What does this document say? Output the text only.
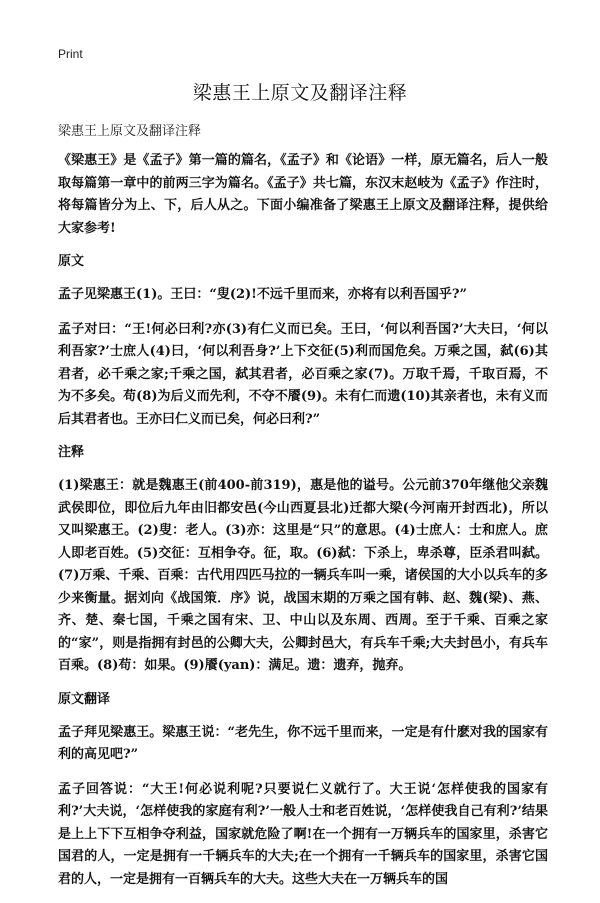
Print
梁惠王上原文及翻译注释
梁惠王上原文及翻译注释

《梁惠王》是《孟子》第一篇的篇名，《孟子》和《论语》一样，原无篇名，后人一般取每篇第一章中的前两三字为篇名。《孟子》共七篇，东汉末赵岐为《孟子》作注时，将每篇皆分为上、下，后人从之。下面小编准备了梁惠王上原文及翻译注释，提供给大家参考!

原文

孟子见梁惠王(1)。王曰：“叟(2)!不远千里而来，亦将有以利吾国乎?”

孟子对曰：“王!何必曰利?亦(3)有仁义而已矣。王曰，‘何以利吾国?’大夫曰，‘何以利吾家?’士庶人(4)曰，‘何以利吾身?’上下交征(5)利而国危矣。万乘之国，弑(6)其君者，必千乘之家;千乘之国，弑其君者，必百乘之家(7)。万取千焉，千取百焉，不为不多矣。苟(8)为后义而先利，不夺不餍(9)。未有仁而遗(10)其亲者也，未有义而后其君者也。王亦曰仁义而已矣，何必曰利?”

注释

(1)梁惠王：就是魏惠王(前400-前319)，惠是他的谥号。公元前370年继他父亲魏武侯即位，即位后九年由旧都安邑(今山西夏县北)迁都大梁(今河南开封西北)，所以又叫梁惠王。(2)叟：老人。(3)亦：这里是“只”的意思。(4)士庶人：士和庶人。庶人即老百姓。(5)交征：互相争夺。征，取。(6)弑：下杀上，卑杀尊，臣杀君叫弑。(7)万乘、千乘、百乘：古代用四匹马拉的一辆兵车叫一乘，诸侯国的大小以兵车的多少来衡量。据刘向《战国策．序》说，战国末期的万乘之国有韩、赵、魏(梁)、燕、齐、楚、秦七国，千乘之国有宋、卫、中山以及东周、西周。至于千乘、百乘之家的“家”，则是指拥有封邑的公卿大夫，公卿封邑大，有兵车千乘;大夫封邑小，有兵车百乘。(8)苟：如果。(9)餍(yan)：满足。遗：遗弃，抛弃。

原文翻译

孟子拜见梁惠王。梁惠王说：“老先生，你不远千里而来，一定是有什麽对我的国家有利的高见吧?”

孟子回答说：“大王!何必说利呢?只要说仁义就行了。大王说‘怎样使我的国家有利?’大夫说，‘怎样使我的家庭有利?’一般人士和老百姓说，‘怎样使我自己有利?’结果是上上下下互相争夺利益，国家就危险了啊!在一个拥有一万辆兵车的国家里，杀害它国君的人，一定是拥有一千辆兵车的大夫;在一个拥有一千辆兵车的国家里，杀害它国君的人，一定是拥有一百辆兵车的大夫。这些大夫在一万辆兵车的国
